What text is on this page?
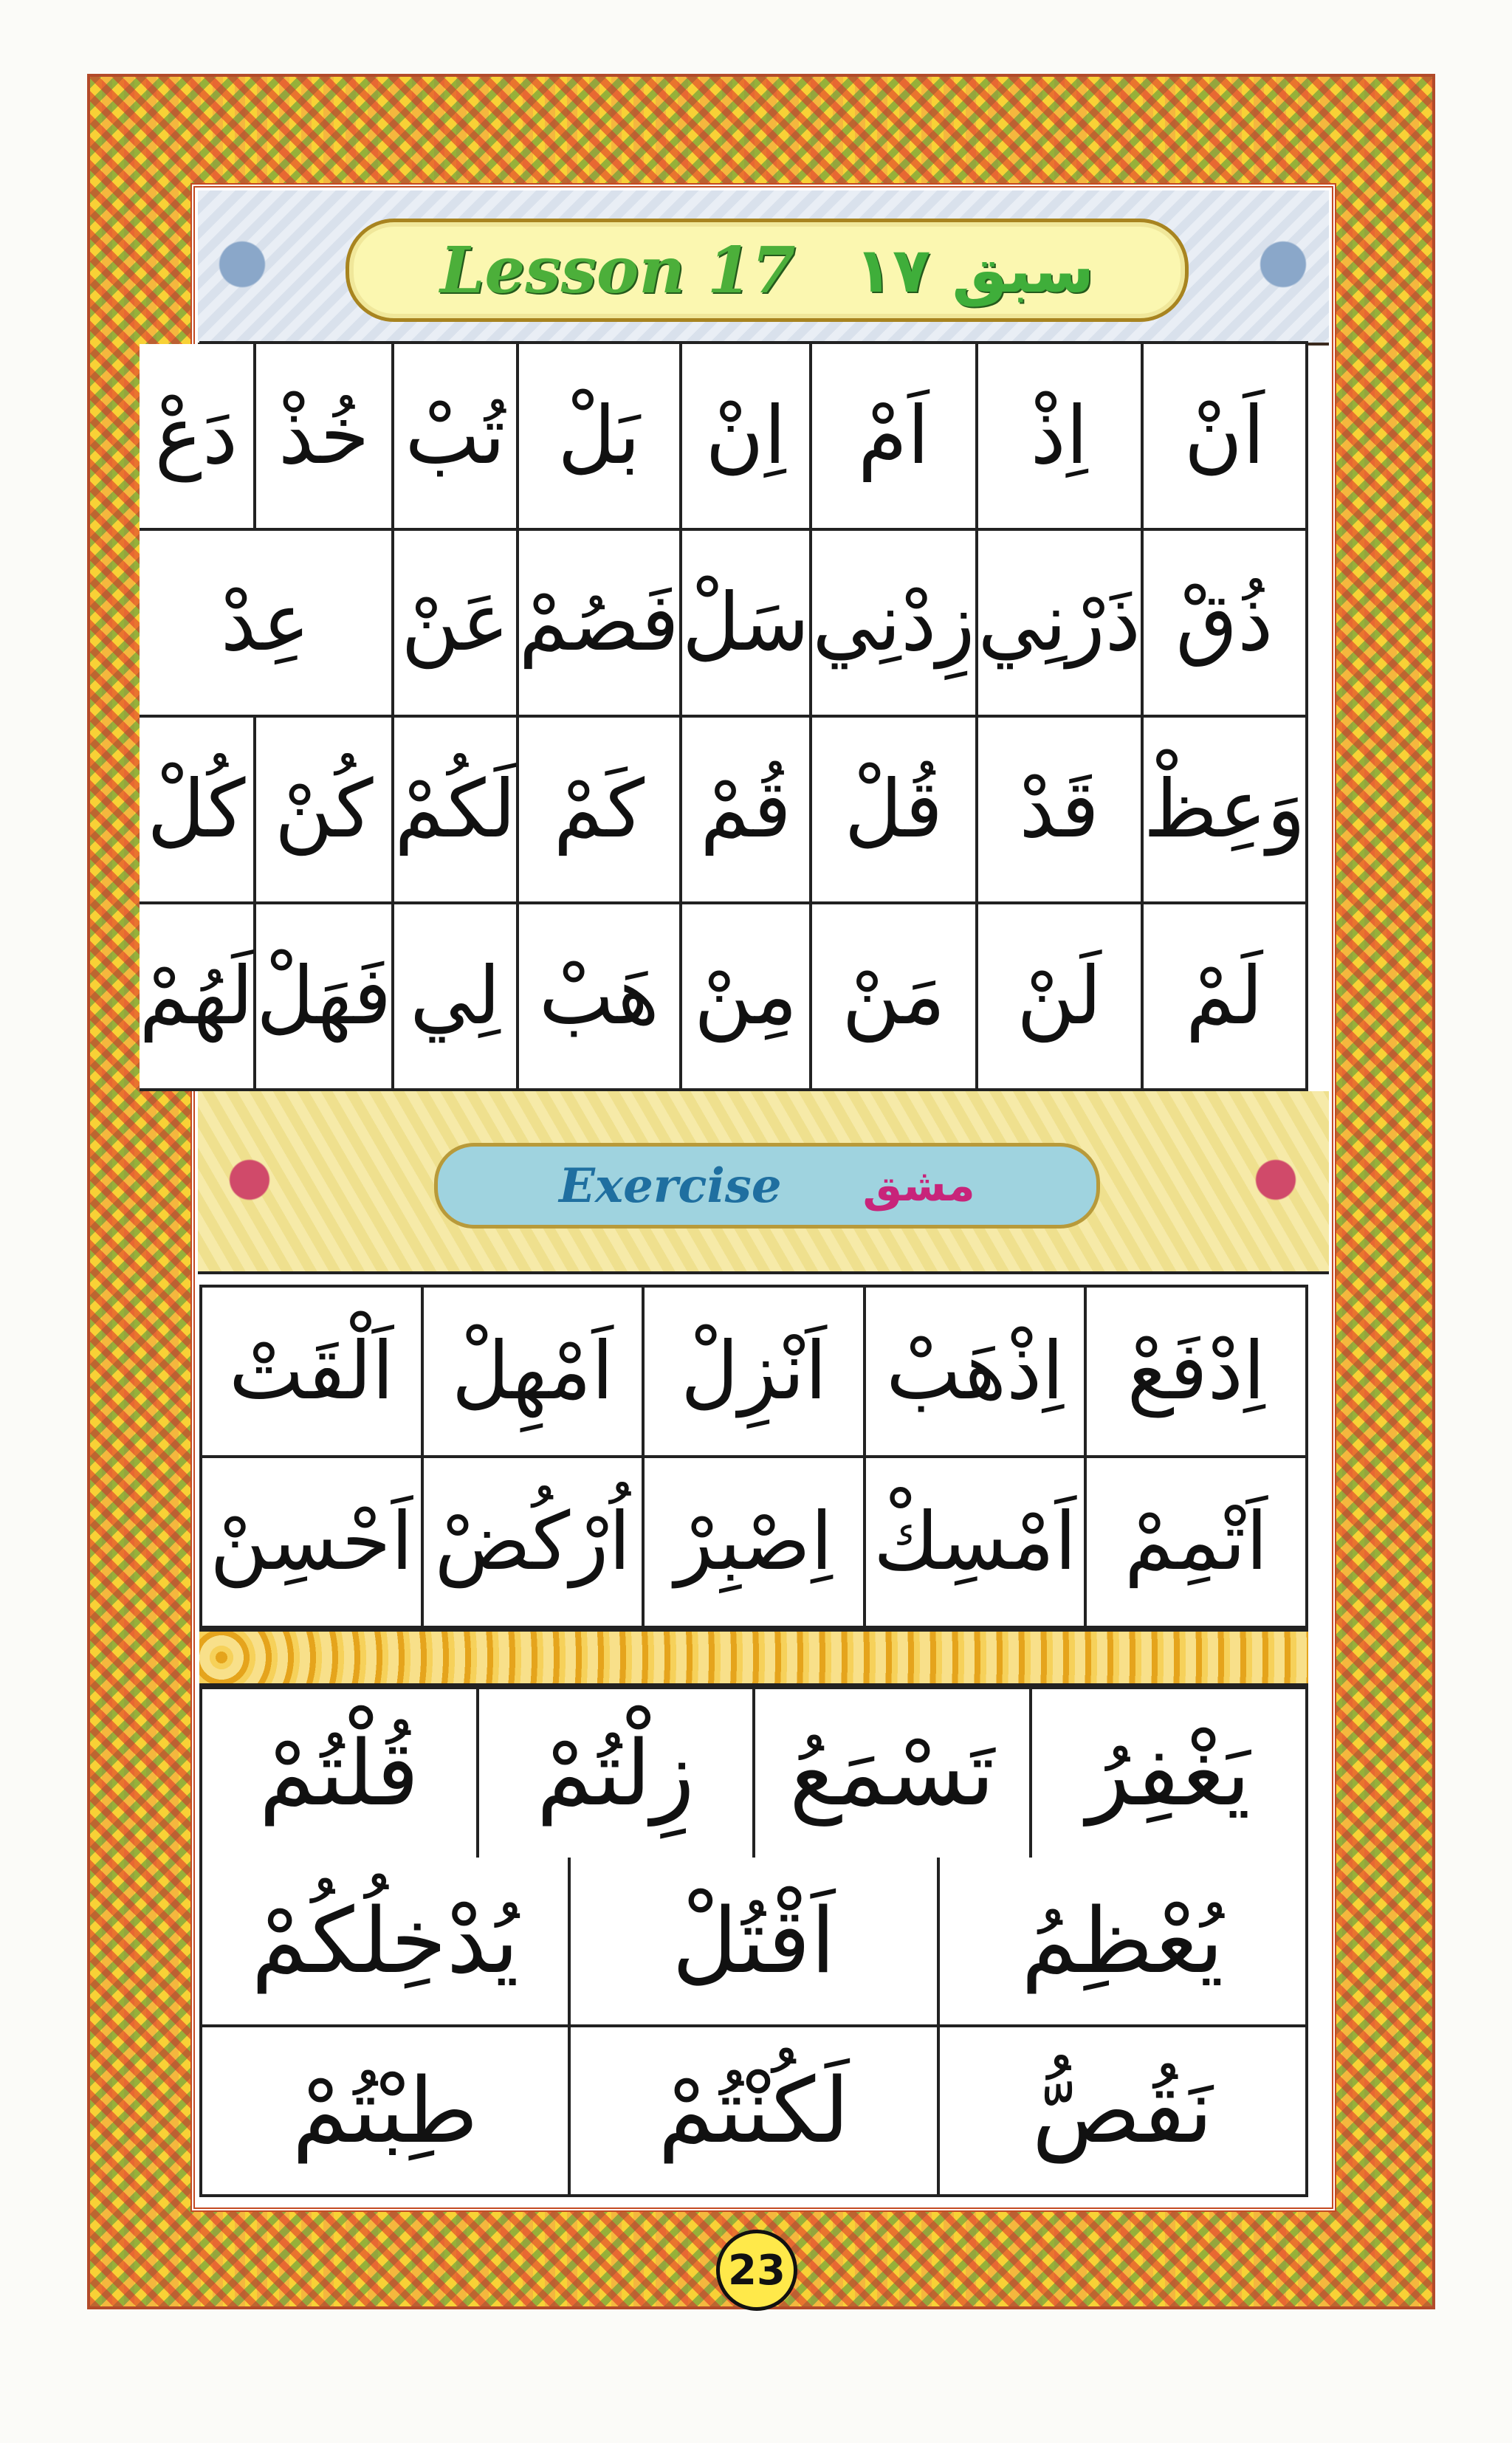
Lesson 17 سبق ۱۷
اَنْ
اِذْ
اَمْ
اِنْ
بَلْ
تُبْ
خُذْ
دَعْ
ذُقْ
ذَرْنِي
زِدْنِي
سَلْ
فَصُمْ
عَنْ
عِدْ
وَعِظْ
قَدْ
قُلْ
قُمْ
كَمْ
لَكُمْ
كُنْ
كُلْ
لَمْ
لَنْ
مَنْ
مِنْ
هَبْ
لِي
فَهَلْ
لَهُمْ
Exercise مشق
اِدْفَعْ
اِذْهَبْ
اَنْزِلْ
اَمْهِلْ
اَلْقَتْ
اَتْمِمْ
اَمْسِكْ
اِصْبِرْ
اُرْكُضْ
اَحْسِنْ
يَغْفِرُ
تَسْمَعُ
زِلْتُمْ
قُلْتُمْ
يُعْظِمُ
اَقْتُلْ
يُدْخِلُكُمْ
نَقُصُّ
لَكُنْتُمْ
طِبْتُمْ
23
